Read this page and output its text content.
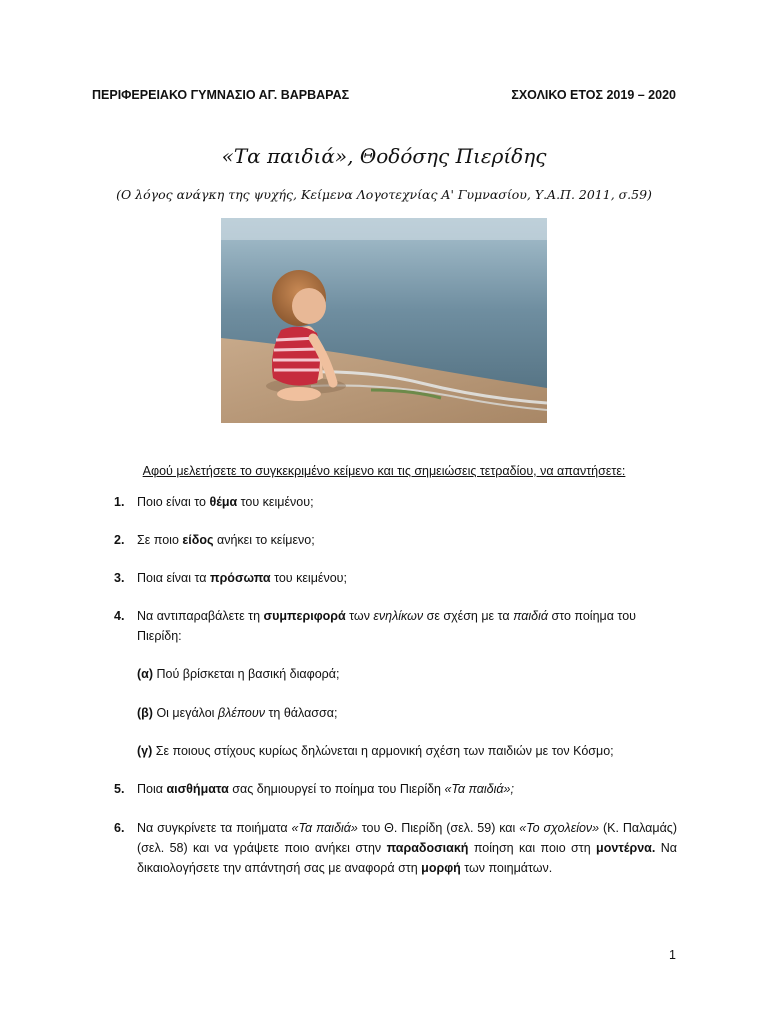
ΠΕΡΙΦΕΡΕΙΑΚΟ ΓΥΜΝΑΣΙΟ ΑΓ. ΒΑΡΒΑΡΑΣ	ΣΧΟΛΙΚΟ ΕΤΟΣ 2019 – 2020
«Τα παιδιά», Θοδόσης Πιερίδης
(Ο λόγος ανάγκη της ψυχής, Κείμενα Λογοτεχνίας Α' Γυμνασίου, Υ.Α.Π. 2011, σ.59)
Αφού μελετήσετε το συγκεκριμένο κείμενο και τις σημειώσεις τετραδίου, να απαντήσετε:
1. Ποιο είναι το θέμα του κειμένου;
2. Σε ποιο είδος ανήκει το κείμενο;
3. Ποια είναι τα πρόσωπα του κειμένου;
4. Να αντιπαραβάλετε τη συμπεριφορά των ενηλίκων σε σχέση με τα παιδιά στο ποίημα του Πιερίδη:
(α) Πού βρίσκεται η βασική διαφορά;
(β) Οι μεγάλοι βλέπουν τη θάλασσα;
(γ) Σε ποιους στίχους κυρίως δηλώνεται η αρμονική σχέση των παιδιών με τον Κόσμο;
5. Ποια αισθήματα σας δημιουργεί το ποίημα του Πιερίδη «Τα παιδιά»;
6. Να συγκρίνετε τα ποιήματα «Τα παιδιά» του Θ. Πιερίδη (σελ. 59) και «Το σχολείον» (Κ. Παλαμάς) (σελ. 58) και να γράψετε ποιο ανήκει στην παραδοσιακή ποίηση και ποιο στη μοντέρνα. Να δικαιολογήσετε την απάντησή σας με αναφορά στη μορφή των ποιημάτων.
1
